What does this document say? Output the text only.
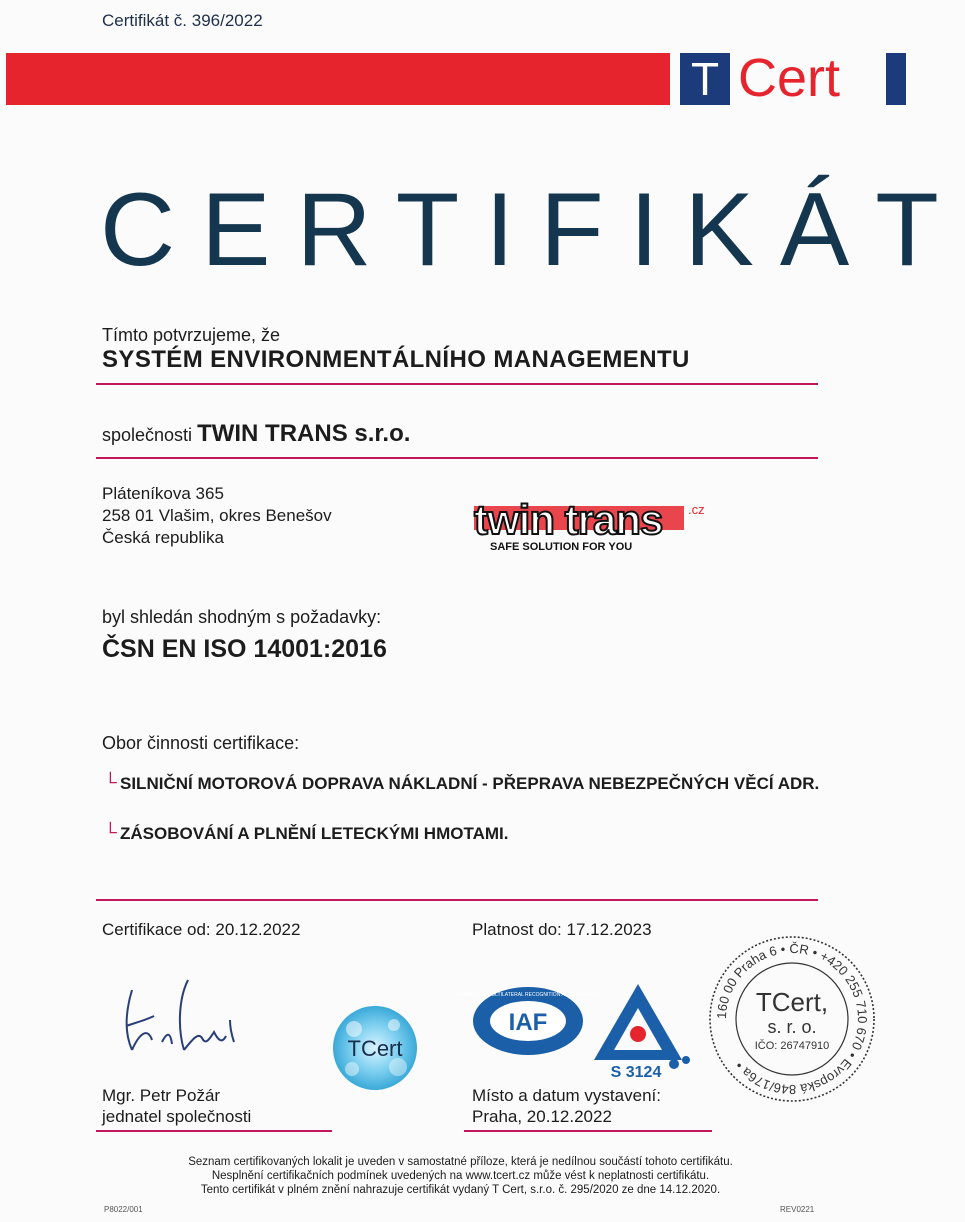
Certifikát č. 396/2022
T Cert
CERTIFIKÁT
Tímto potvrzujeme, že
SYSTÉM ENVIRONMENTÁLNÍHO MANAGEMENTU
společnosti TWIN TRANS s.r.o.
Pláteníkova 365
258 01 Vlašim, okres Benešov
Česká republika	twin trans .cz
SAFE SOLUTION FOR YOU
byl shledán shodným s požadavky:
ČSN EN ISO 14001:2016
Obor činnosti certifikace:
└ SILNIČNÍ MOTOROVÁ DOPRAVA NÁKLADNÍ - PŘEPRAVA NEBEZPEČNÝCH VĚCÍ ADR.
└ ZÁSOBOVÁNÍ A PLNĚNÍ LETECKÝMI HMOTAMI.
Certifikace od: 20.12.2022	Platnost do: 17.12.2023
TCert
IAF
MEMBER OF MULTILATERAL RECOGNITION ARRANGEMENT
S 3124
160 00 Praha 6 • ČR • +420 255 710 670 • Evropská 846/176a •
TCert,
s. r. o.
IČO: 26747910
Mgr. Petr Požár
jednatel společnosti
Místo a datum vystavení:
Praha, 20.12.2022
Seznam certifikovaných lokalit je uveden v samostatné příloze, která je nedílnou součástí tohoto certifikátu.
Nesplnění certifikačních podmínek uvedených na www.tcert.cz může vést k neplatnosti certifikátu.
Tento certifikát v plném znění nahrazuje certifikát vydaný T Cert, s.r.o. č. 295/2020 ze dne 14.12.2020.
P8022/001	REV0221
